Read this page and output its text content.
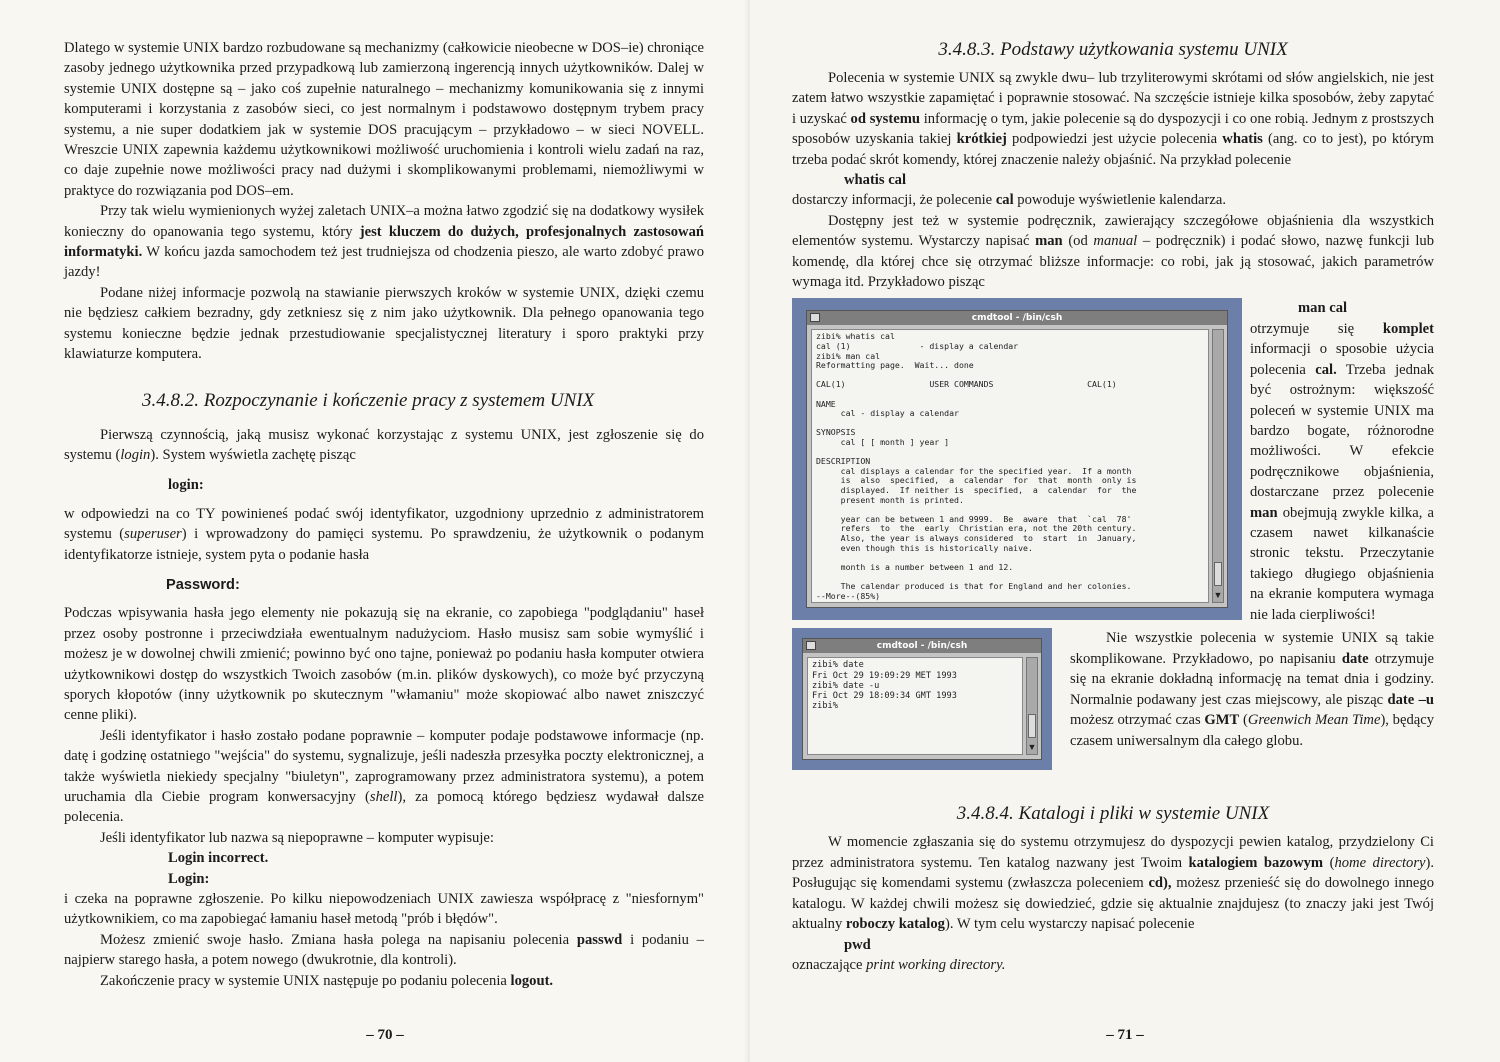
Dlatego w systemie UNIX bardzo rozbudowane są mechanizmy (całkowicie nieobecne w DOS–ie) chroniące zasoby jednego użytkownika przed przypadkową lub zamierzoną ingerencją innych użytkowników. Dalej w systemie UNIX dostępne są – jako coś zupełnie naturalnego – mechanizmy komunikowania się z innymi komputerami i korzystania z zasobów sieci, co jest normalnym i podstawowo dostępnym trybem pracy systemu, a nie super dodatkiem jak w systemie DOS pracującym – przykładowo – w sieci NOVELL. Wreszcie UNIX zapewnia każdemu użytkownikowi możliwość uruchomienia i kontroli wielu zadań na raz, co daje zupełnie nowe możliwości pracy nad dużymi i skomplikowanymi problemami, niemożliwymi w praktyce do rozwiązania pod DOS–em.

Przy tak wielu wymienionych wyżej zaletach UNIX–a można łatwo zgodzić się na dodatkowy wysiłek konieczny do opanowania tego systemu, który jest kluczem do dużych, profesjonalnych zastosowań informatyki. W końcu jazda samochodem też jest trudniejsza od chodzenia pieszo, ale warto zdobyć prawo jazdy!

Podane niżej informacje pozwolą na stawianie pierwszych kroków w systemie UNIX, dzięki czemu nie będziesz całkiem bezradny, gdy zetkniesz się z nim jako użytkownik. Dla pełnego opanowania tego systemu konieczne będzie jednak przestudiowanie specjalistycznej literatury i sporo praktyki przy klawiaturze komputera.

3.4.8.2. Rozpoczynanie i kończenie pracy z systemem UNIX

Pierwszą czynnością, jaką musisz wykonać korzystając z systemu UNIX, jest zgłoszenie się do systemu (login). System wyświetla zachętę pisząc

login:

w odpowiedzi na co TY powinieneś podać swój identyfikator, uzgodniony uprzednio z administratorem systemu (superuser) i wprowadzony do pamięci systemu. Po sprawdzeniu, że użytkownik o podanym identyfikatorze istnieje, system pyta o podanie hasła

Password:

Podczas wpisywania hasła jego elementy nie pokazują się na ekranie, co zapobiega "podglądaniu" haseł przez osoby postronne i przeciwdziała ewentualnym nadużyciom. Hasło musisz sam sobie wymyślić i możesz je w dowolnej chwili zmienić; powinno być ono tajne, ponieważ po podaniu hasła komputer otwiera użytkownikowi dostęp do wszystkich Twoich zasobów (m.in. plików dyskowych), co może być przyczyną sporych kłopotów (inny użytkownik po skutecznym "włamaniu" może skopiować albo nawet zniszczyć cenne pliki).

Jeśli identyfikator i hasło zostało podane poprawnie – komputer podaje podstawowe informacje (np. datę i godzinę ostatniego "wejścia" do systemu, sygnalizuje, jeśli nadeszła przesyłka poczty elektronicznej, a także wyświetla niekiedy specjalny "biuletyn", zaprogramowany przez administratora systemu), a potem uruchamia dla Ciebie program konwersacyjny (shell), za pomocą którego będziesz wydawał dalsze polecenia.

Jeśli identyfikator lub nazwa są niepoprawne – komputer wypisuje:

Login incorrect.
Login:

i czeka na poprawne zgłoszenie. Po kilku niepowodzeniach UNIX zawiesza współpracę z "niesfornym" użytkownikiem, co ma zapobiegać łamaniu haseł metodą "prób i błędów".

Możesz zmienić swoje hasło. Zmiana hasła polega na napisaniu polecenia passwd i podaniu – najpierw starego hasła, a potem nowego (dwukrotnie, dla kontroli).

Zakończenie pracy w systemie UNIX następuje po podaniu polecenia logout.

– 70 –
3.4.8.3. Podstawy użytkowania systemu UNIX

Polecenia w systemie UNIX są zwykle dwu– lub trzyliterowymi skrótami od słów angielskich, nie jest zatem łatwo wszystkie zapamiętać i poprawnie stosować. Na szczęście istnieje kilka sposobów, żeby zapytać i uzyskać od systemu informację o tym, jakie polecenie są do dyspozycji i co one robią. Jednym z prostszych sposobów uzyskania takiej krótkiej podpowiedzi jest użycie polecenia whatis (ang. co to jest), po którym trzeba podać skrót komendy, której znaczenie należy objaśnić. Na przykład polecenie

whatis cal

dostarczy informacji, że polecenie cal powoduje wyświetlenie kalendarza.

Dostępny jest też w systemie podręcznik, zawierający szczegółowe objaśnienia dla wszystkich elementów systemu. Wystarczy napisać man (od manual – podręcznik) i podać słowo, nazwę funkcji lub komendę, dla której chce się otrzymać bliższe informacje: co robi, jak ją stosować, jakich parametrów wymaga itd. Przykładowo pisząc

cmdtool - /bin/csh
zibi% whatis cal
cal (1)              - display a calendar
zibi% man cal
Reformatting page.  Wait... done

CAL(1)                 USER COMMANDS                   CAL(1)

NAME
cal - display a calendar

SYNOPSIS
cal [ [ month ] year ]

DESCRIPTION
cal displays a calendar for the specified year.  If a month
is  also  specified,  a  calendar  for  that  month  only is
displayed.  If neither is  specified,  a  calendar  for  the
present month is printed.

year can be between 1 and 9999.  Be  aware  that  `cal  78'
refers  to  the  early  Christian era, not the 20th century.
Also, the year is always considered  to  start  in  January,
even though this is historically naive.

month is a number between 1 and 12.

The calendar produced is that for England and her colonies.
--More--(85%)	▼
man cal

otrzymuje się komplet informacji o sposobie użycia polecenia cal. Trzeba jednak być ostrożnym: większość poleceń w systemie UNIX ma bardzo bogate, różnorodne możliwości. W efekcie podręcznikowe objaśnienia, dostarczane przez polecenie man obejmują zwykle kilka, a czasem nawet kilkanaście stronic tekstu. Przeczytanie takiego długiego objaśnienia na ekranie komputera wymaga nie lada cierpliwości!

cmdtool - /bin/csh
zibi% date
Fri Oct 29 19:09:29 MET 1993
zibi% date -u
Fri Oct 29 18:09:34 GMT 1993
zibi%
▼

Nie wszystkie polecenia w systemie UNIX są takie skomplikowane. Przykładowo, po napisaniu date otrzymuje się na ekranie dokładną informację na temat dnia i godziny. Normalnie podawany jest czas miejscowy, ale pisząc date –u możesz otrzymać czas GMT (Greenwich Mean Time), będący czasem uniwersalnym dla całego globu.

3.4.8.4. Katalogi i pliki w systemie UNIX

W momencie zgłaszania się do systemu otrzymujesz do dyspozycji pewien katalog, przydzielony Ci przez administratora systemu. Ten katalog nazwany jest Twoim katalogiem bazowym (home directory). Posługując się komendami systemu (zwłaszcza poleceniem cd), możesz przenieść się do dowolnego innego katalogu. W każdej chwili możesz się dowiedzieć, gdzie się aktualnie znajdujesz (to znaczy jaki jest Twój aktualny roboczy katalog). W tym celu wystarczy napisać polecenie

pwd

oznaczające print working directory.

– 71 –
